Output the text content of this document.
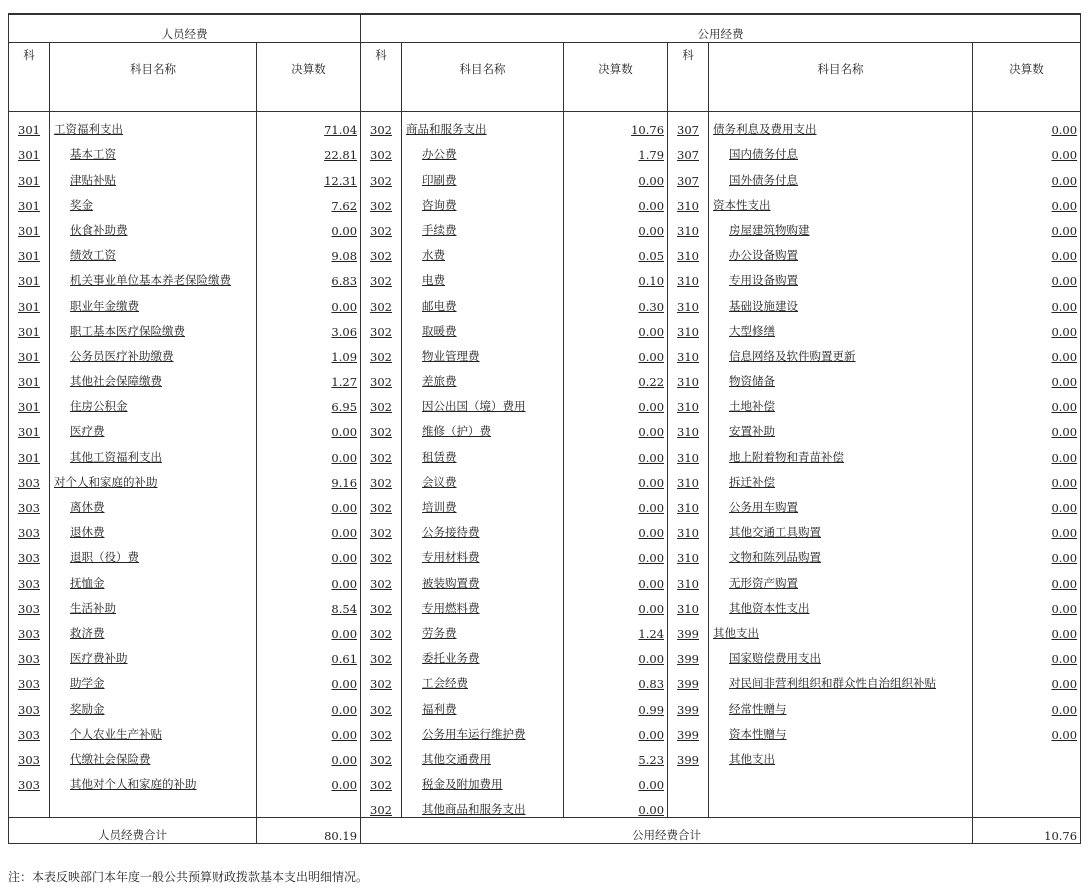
人员经费			公用经费					
科	科目名称	决算数	科	科目名称	决算数	科	科目名称	决算数
301	工资福利支出	71.04	302	商品和服务支出	10.76	307	债务利息及费用支出	0.00
301	基本工资	22.81	302	办公费	1.79	307	国内债务付息	0.00
301	津贴补贴	12.31	302	印刷费	0.00	307	国外债务付息	0.00
301	奖金	7.62	302	咨询费	0.00	310	资本性支出	0.00
301	伙食补助费	0.00	302	手续费	0.00	310	房屋建筑物购建	0.00
301	绩效工资	9.08	302	水费	0.05	310	办公设备购置	0.00
301	机关事业单位基本养老保险缴费	6.83	302	电费	0.10	310	专用设备购置	0.00
301	职业年金缴费	0.00	302	邮电费	0.30	310	基础设施建设	0.00
301	职工基本医疗保险缴费	3.06	302	取暖费	0.00	310	大型修缮	0.00
301	公务员医疗补助缴费	1.09	302	物业管理费	0.00	310	信息网络及软件购置更新	0.00
301	其他社会保障缴费	1.27	302	差旅费	0.22	310	物资储备	0.00
301	住房公积金	6.95	302	因公出国（境）费用	0.00	310	土地补偿	0.00
301	医疗费	0.00	302	维修（护）费	0.00	310	安置补助	0.00
301	其他工资福利支出	0.00	302	租赁费	0.00	310	地上附着物和青苗补偿	0.00
303	对个人和家庭的补助	9.16	302	会议费	0.00	310	拆迁补偿	0.00
303	离休费	0.00	302	培训费	0.00	310	公务用车购置	0.00
303	退休费	0.00	302	公务接待费	0.00	310	其他交通工具购置	0.00
303	退职（役）费	0.00	302	专用材料费	0.00	310	文物和陈列品购置	0.00
303	抚恤金	0.00	302	被装购置费	0.00	310	无形资产购置	0.00
303	生活补助	8.54	302	专用燃料费	0.00	310	其他资本性支出	0.00
303	救济费	0.00	302	劳务费	1.24	399	其他支出	0.00
303	医疗费补助	0.61	302	委托业务费	0.00	399	国家赔偿费用支出	0.00
303	助学金	0.00	302	工会经费	0.83	399	对民间非营利组织和群众性自治组织补贴	0.00
303	奖励金	0.00	302	福利费	0.99	399	经常性赠与	0.00
303	个人农业生产补贴	0.00	302	公务用车运行维护费	0.00	399	资本性赠与	0.00
303	代缴社会保险费	0.00	302	其他交通费用	5.23	399	其他支出	
303	其他对个人和家庭的补助	0.00	302	税金及附加费用	0.00			
			302	其他商品和服务支出	0.00			
人员经费合计		80.19	公用经费合计					10.76
注：本表反映部门本年度一般公共预算财政拨款基本支出明细情况。
